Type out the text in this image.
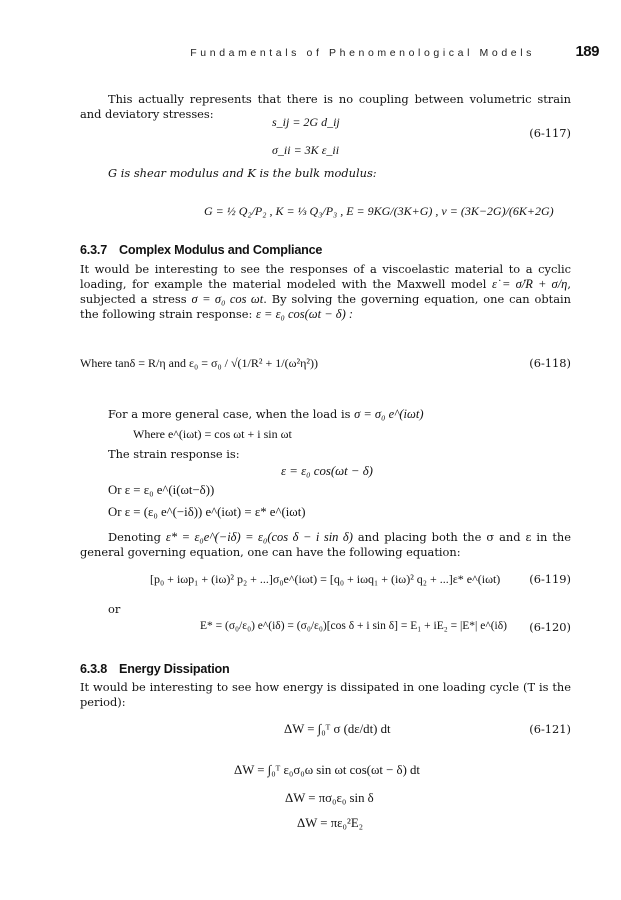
Fundamentals of Phenomenological Models	189

This actually represents that there is no coupling between volumetric strain and deviatory stresses:

s_ij = 2G d_ij
σ_ii = 3K ε_ii
(6-117)

G is shear modulus and K is the bulk modulus:

G = ½ Q₂/P₂ , K = ⅓ Q₃/P₃ , E = 9KG/(3K+G) , ν = (3K−2G)/(6K+2G)
6.3.7 Complex Modulus and Compliance

It would be interesting to see the responses of a viscoelastic material to a cyclic loading, for example the material modeled with the Maxwell model ε̇ = σ̇/R + σ/η, subjected a stress σ = σ₀ cos ωt. By solving the governing equation, one can obtain the following strain response: ε = ε₀ cos(ωt − δ) :

Where tanδ = R/η and ε₀ = σ₀ / √(1/R² + 1/(ω²η²))	(6-118)

For a more general case, when the load is σ = σ₀ e^(iωt)

Where e^(iωt) = cos ωt + i sin ωt

The strain response is:

ε = ε₀ cos(ωt − δ)
Or ε = ε₀ e^(i(ωt−δ))
Or ε = (ε₀ e^(−iδ)) e^(iωt) = ε* e^(iωt)

Denoting ε* = ε₀e^(−iδ) = ε₀(cos δ − i sin δ) and placing both the σ and ε in the general governing equation, one can have the following equation:

[p₀ + iωp₁ + (iω)² p₂ + ...]σ₀e^(iωt) = [q₀ + iωq₁ + (iω)² q₂ + ...]ε* e^(iωt)	(6-119)

or

E* = (σ₀/ε₀) e^(iδ) = (σ₀/ε₀)[cos δ + i sin δ] = E₁ + iE₂ = |E*| e^(iδ) (6-120)
6.3.8 Energy Dissipation

It would be interesting to see how energy is dissipated in one loading cycle (T is the period):

ΔW = ∫₀ᵀ σ (dε/dt) dt	(6-121)
ΔW = ∫₀ᵀ ε₀σ₀ω sin ωt cos(ωt − δ) dt
ΔW = πσ₀ε₀ sin δ
ΔW = πε₀²E₂
